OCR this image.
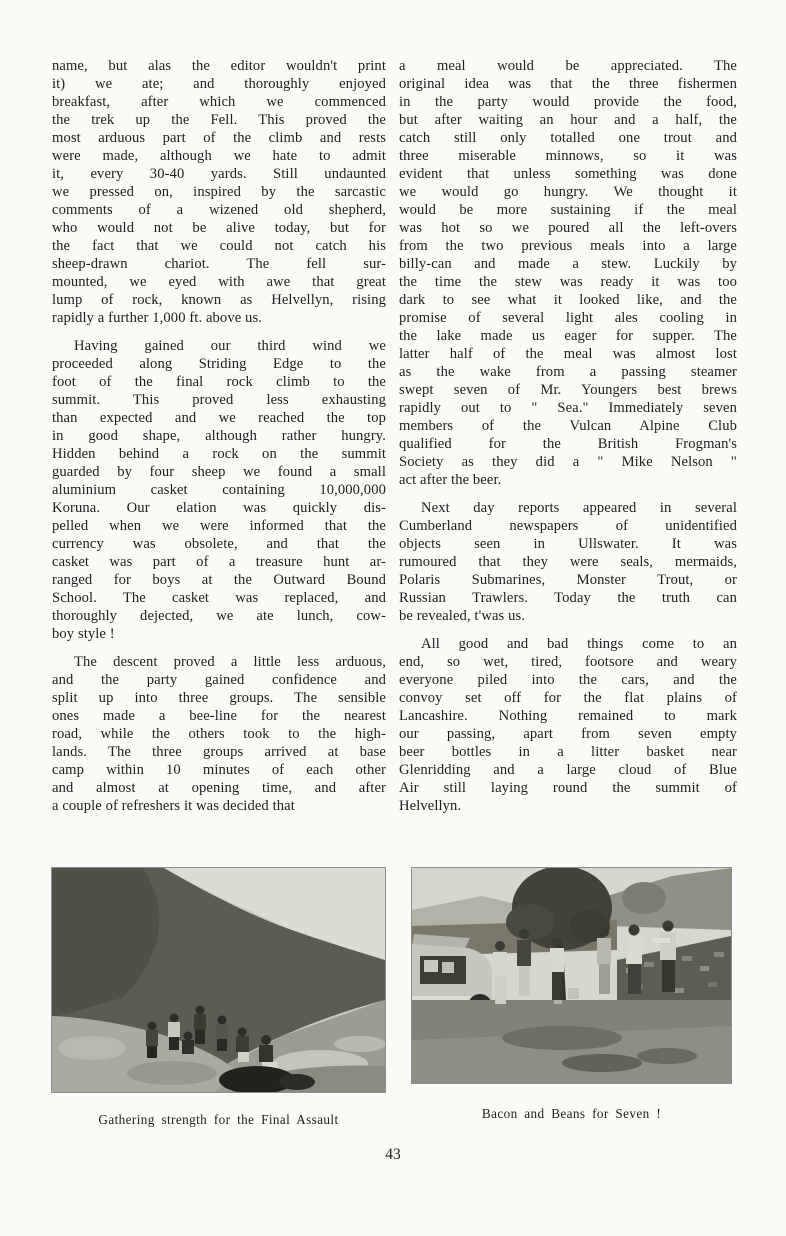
name, but alas the editor wouldn't print
it) we ate; and thoroughly enjoyed
breakfast, after which we commenced
the trek up the Fell. This proved the
most arduous part of the climb and rests
were made, although we hate to admit
it, every 30-40 yards. Still undaunted
we pressed on, inspired by the sarcastic
comments of a wizened old shepherd,
who would not be alive today, but for
the fact that we could not catch his
sheep-drawn chariot. The fell sur-
mounted, we eyed with awe that great
lump of rock, known as Helvellyn, rising
rapidly a further 1,000 ft. above us.
Having gained our third wind we
proceeded along Striding Edge to the
foot of the final rock climb to the
summit. This proved less exhausting
than expected and we reached the top
in good shape, although rather hungry.
Hidden behind a rock on the summit
guarded by four sheep we found a small
aluminium casket containing 10,000,000
Koruna. Our elation was quickly dis-
pelled when we were informed that the
currency was obsolete, and that the
casket was part of a treasure hunt ar-
ranged for boys at the Outward Bound
School. The casket was replaced, and
thoroughly dejected, we ate lunch, cow-
boy style !
The descent proved a little less arduous,
and the party gained confidence and
split up into three groups. The sensible
ones made a bee-line for the nearest
road, while the others took to the high-
lands. The three groups arrived at base
camp within 10 minutes of each other
and almost at opening time, and after
a couple of refreshers it was decided that
a meal would be appreciated. The
original idea was that the three fishermen
in the party would provide the food,
but after waiting an hour and a half, the
catch still only totalled one trout and
three miserable minnows, so it was
evident that unless something was done
we would go hungry. We thought it
would be more sustaining if the meal
was hot so we poured all the left-overs
from the two previous meals into a large
billy-can and made a stew. Luckily by
the time the stew was ready it was too
dark to see what it looked like, and the
promise of several light ales cooling in
the lake made us eager for supper. The
latter half of the meal was almost lost
as the wake from a passing steamer
swept seven of Mr. Youngers best brews
rapidly out to " Sea." Immediately seven
members of the Vulcan Alpine Club
qualified for the British Frogman's
Society as they did a " Mike Nelson "
act after the beer.
Next day reports appeared in several
Cumberland newspapers of unidentified
objects seen in Ullswater. It was
rumoured that they were seals, mermaids,
Polaris Submarines, Monster Trout, or
Russian Trawlers. Today the truth can
be revealed, t'was us.
All good and bad things come to an
end, so wet, tired, footsore and weary
everyone piled into the cars, and the
convoy set off for the flat plains of
Lancashire. Nothing remained to mark
our passing, apart from seven empty
beer bottles in a litter basket near
Glenridding and a large cloud of Blue
Air still laying round the summit of
Helvellyn.
Gathering strength for the Final Assault	Bacon and Beans for Seven !
43
